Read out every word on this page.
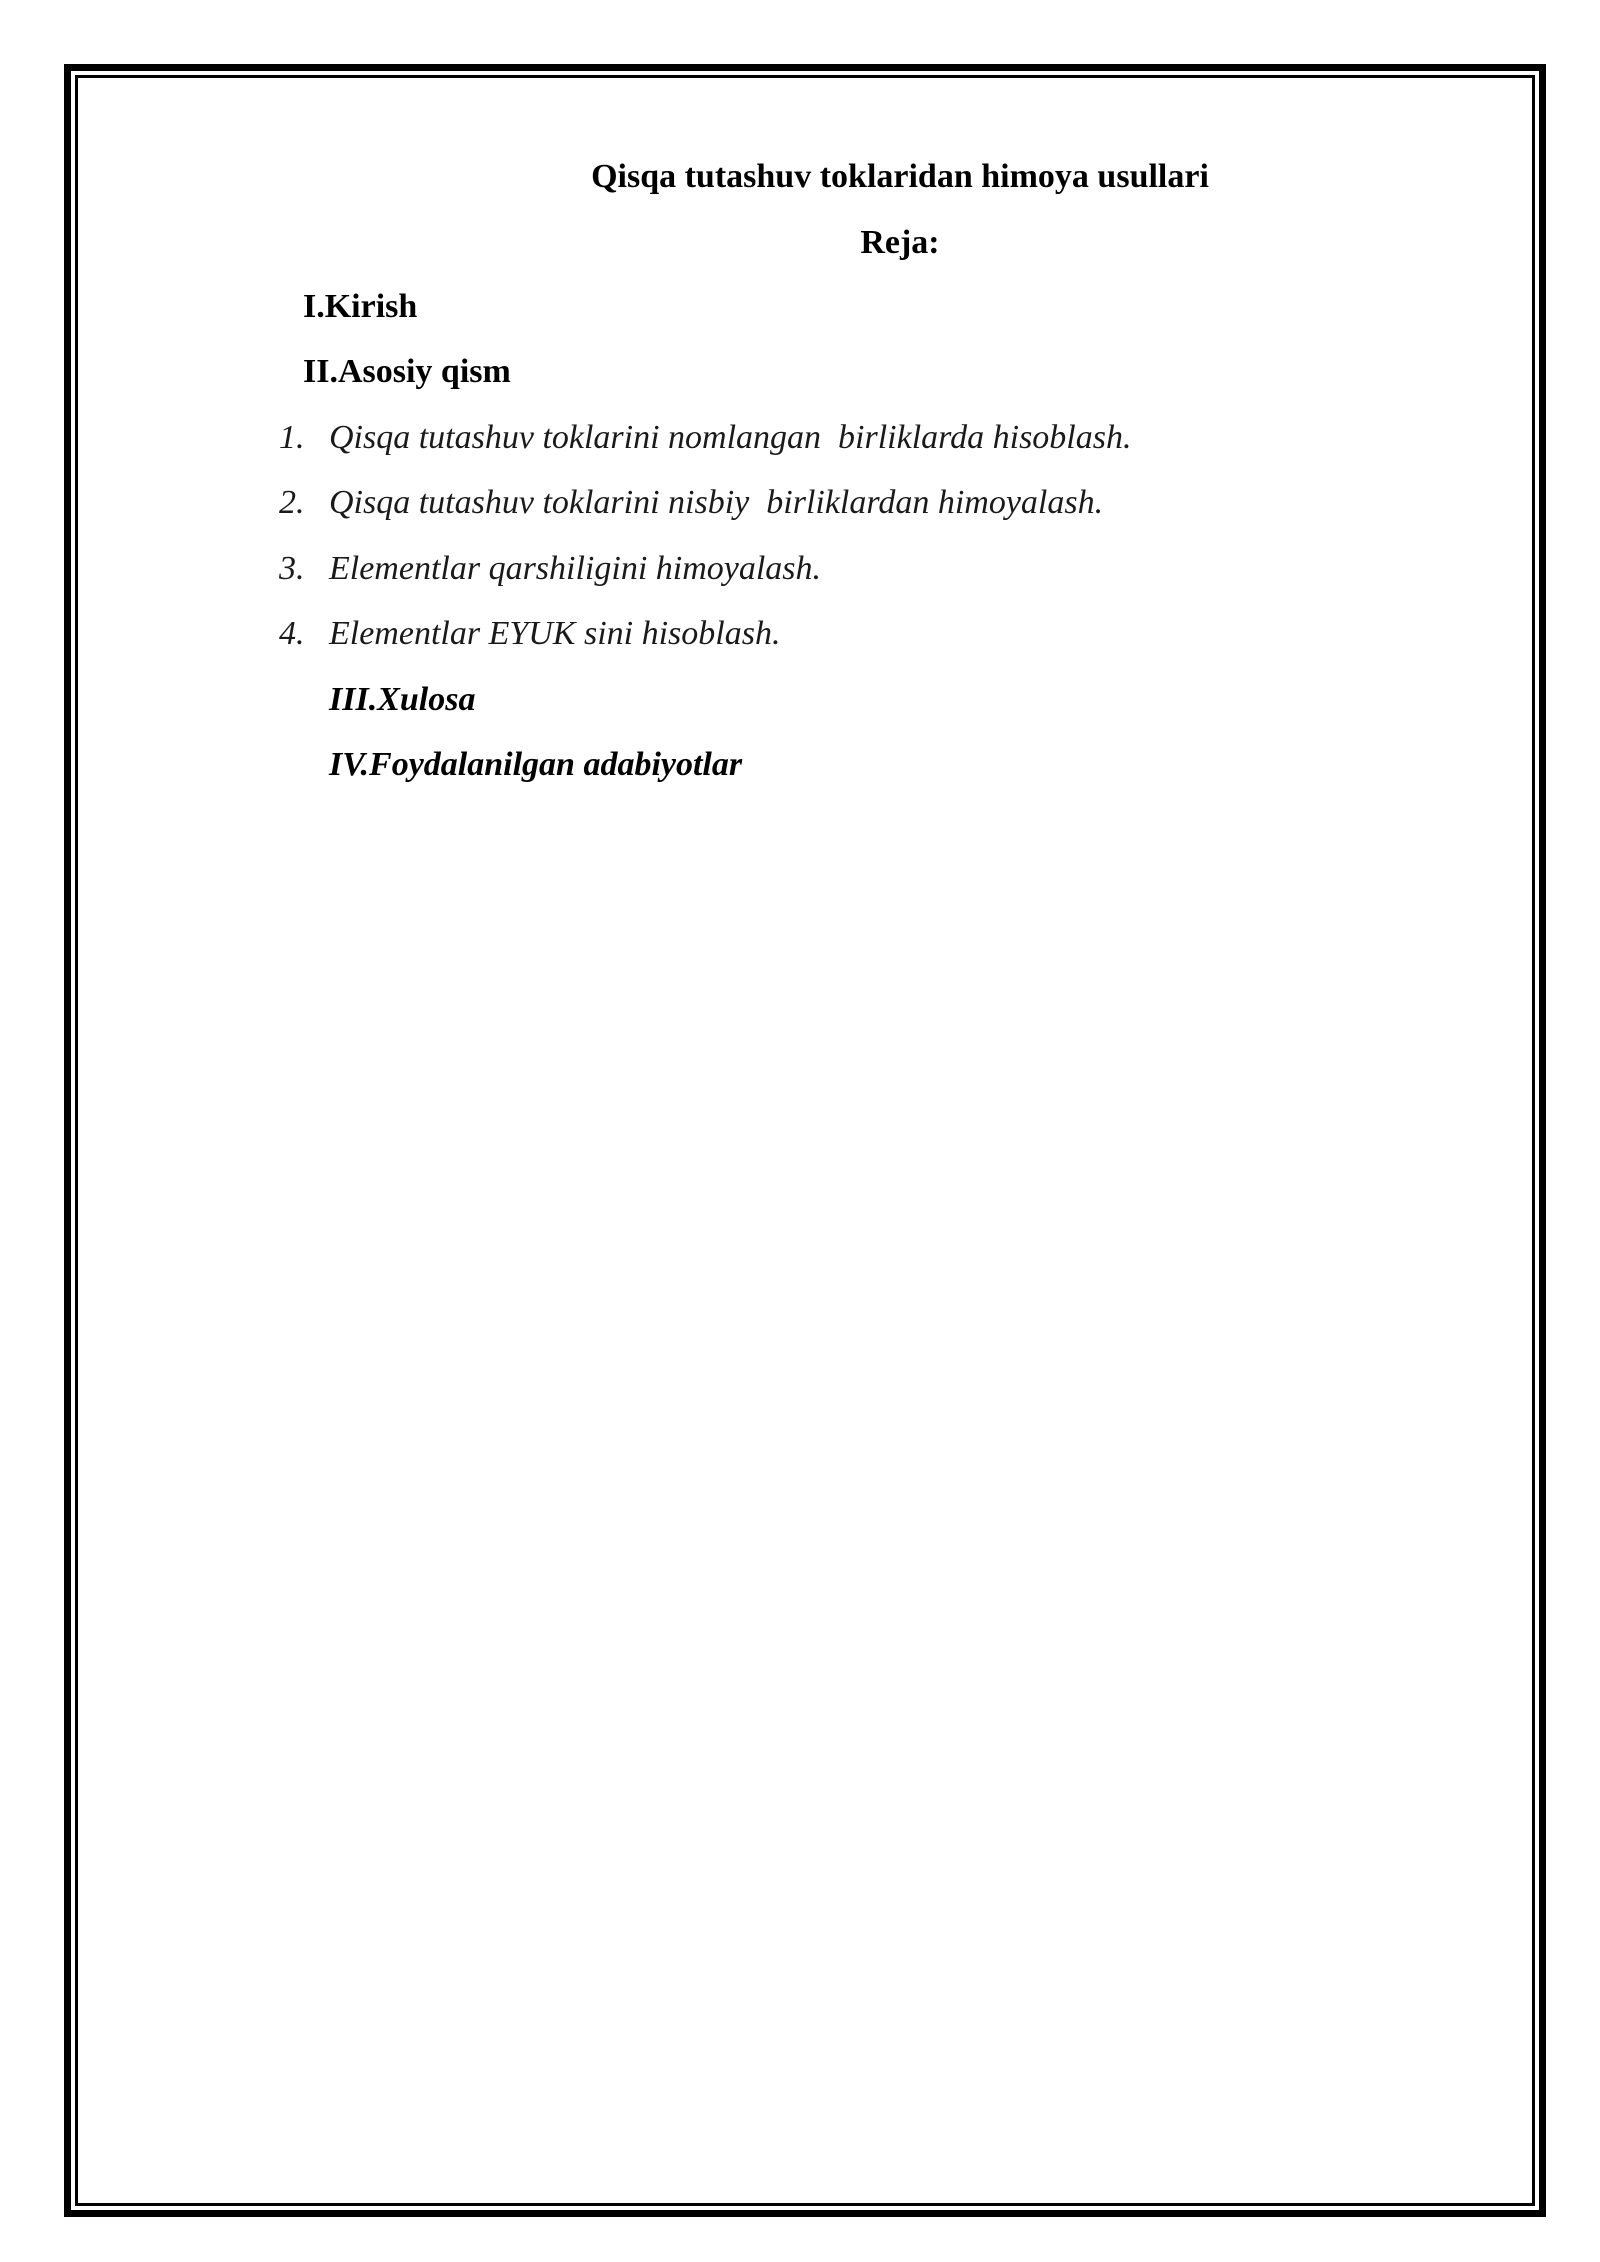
Qisqa tutashuv toklaridan himoya usullari
Reja:
I.Kirish
II.Asosiy qism
1. Qisqa tutashuv toklarini nomlangan  birliklarda hisoblash.
2. Qisqa tutashuv toklarini nisbiy  birliklardan himoyalash.
3. Elementlar qarshiligini himoyalash.
4. Elementlar EYUK sini hisoblash.
III.Xulosa
IV.Foydalanilgan adabiyotlar
